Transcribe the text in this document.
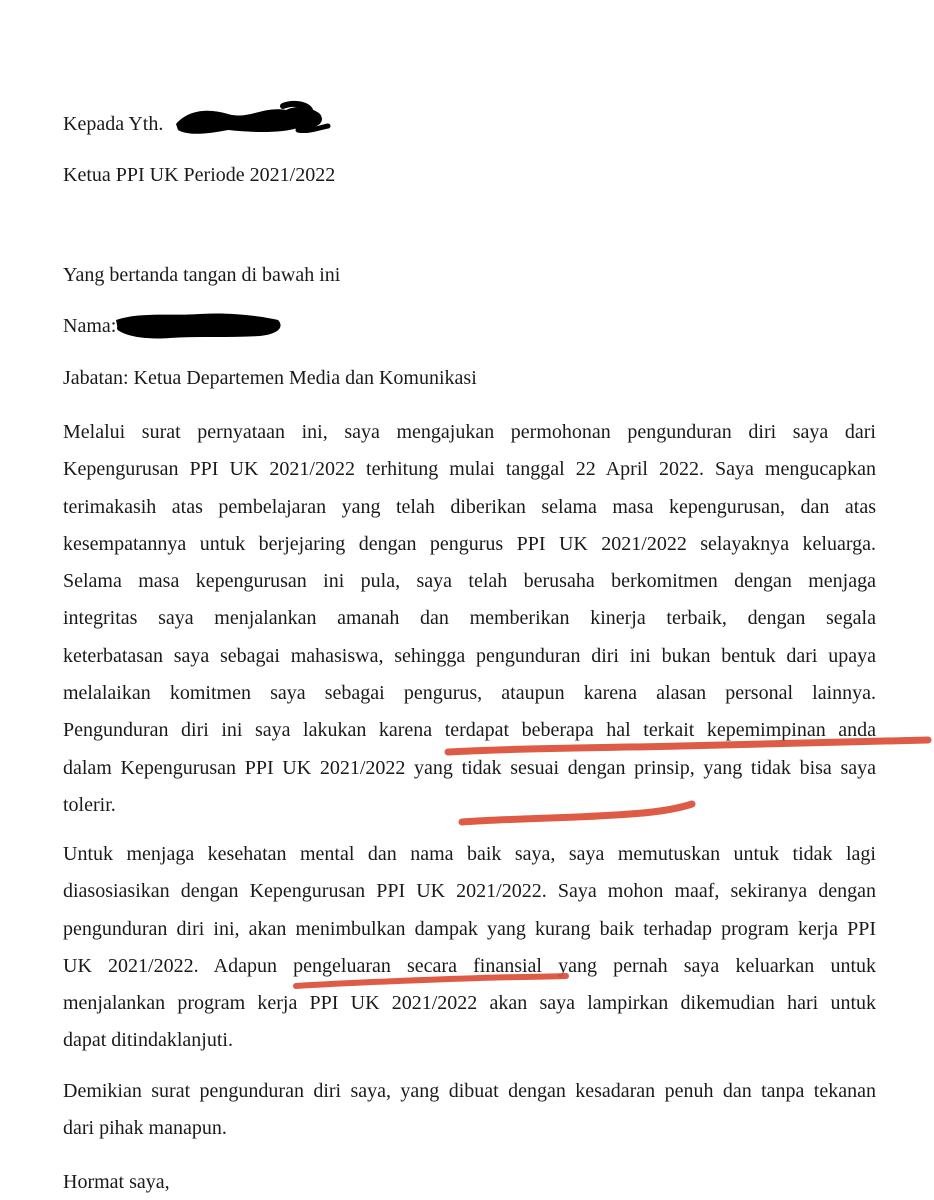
Kepada Yth.
Ketua PPI UK Periode 2021/2022
Yang bertanda tangan di bawah ini
Nama:
Jabatan: Ketua Departemen Media dan Komunikasi
Melalui surat pernyataan ini, saya mengajukan permohonan pengunduran diri saya dari
Kepengurusan PPI UK 2021/2022 terhitung mulai tanggal 22 April 2022. Saya mengucapkan
terimakasih atas pembelajaran yang telah diberikan selama masa kepengurusan, dan atas
kesempatannya untuk berjejaring dengan pengurus PPI UK 2021/2022 selayaknya keluarga.
Selama masa kepengurusan ini pula, saya telah berusaha berkomitmen dengan menjaga
integritas saya menjalankan amanah dan memberikan kinerja terbaik, dengan segala
keterbatasan saya sebagai mahasiswa, sehingga pengunduran diri ini bukan bentuk dari upaya
melalaikan komitmen saya sebagai pengurus, ataupun karena alasan personal lainnya.
Pengunduran diri ini saya lakukan karena terdapat beberapa hal terkait kepemimpinan anda
dalam Kepengurusan PPI UK 2021/2022 yang tidak sesuai dengan prinsip, yang tidak bisa saya
tolerir.
Untuk menjaga kesehatan mental dan nama baik saya, saya memutuskan untuk tidak lagi
diasosiasikan dengan Kepengurusan PPI UK 2021/2022. Saya mohon maaf, sekiranya dengan
pengunduran diri ini, akan menimbulkan dampak yang kurang baik terhadap program kerja PPI
UK 2021/2022. Adapun pengeluaran secara finansial yang pernah saya keluarkan untuk
menjalankan program kerja PPI UK 2021/2022 akan saya lampirkan dikemudian hari untuk
dapat ditindaklanjuti.
Demikian surat pengunduran diri saya, yang dibuat dengan kesadaran penuh dan tanpa tekanan
dari pihak manapun.
Hormat saya,
